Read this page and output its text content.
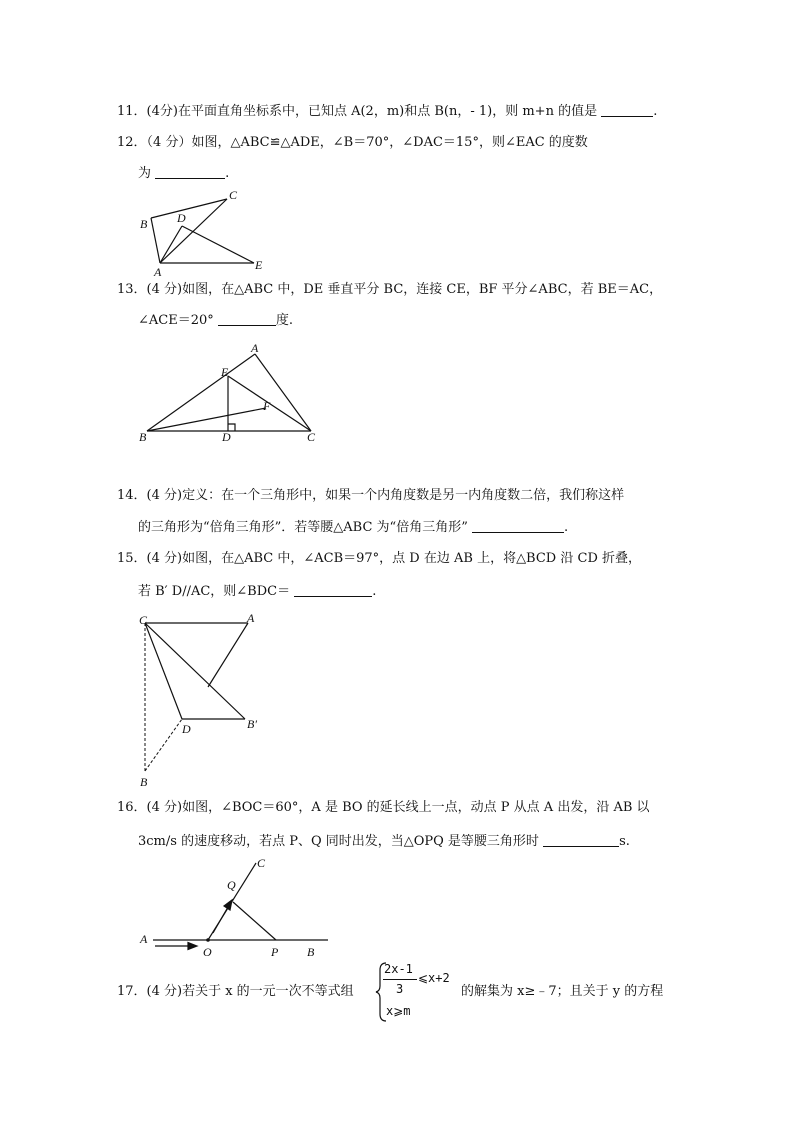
11．(4分)在平面直角坐标系中，已知点 A(2，m)和点 B(n，- 1)，则 m+n 的值是	.
12．（4 分）如图，△ABC≌△ADE，∠B＝70°，∠DAC＝15°，则∠EAC 的度数
为	.
B
A
C
D
E
13．(4 分)如图，在△ABC 中，DE 垂直平分 BC，连接 CE，BF 平分∠ABC，若 BE＝AC，
∠ACE＝20°	度.
A
E
F
B	D	C
14．(4 分)定义：在一个三角形中，如果一个内角度数是另一内角度数二倍，我们称这样
的三角形为“倍角三角形”．若等腰△ABC 为“倍角三角形”	.
15．(4 分)如图，在△ABC 中，∠ACB＝97°，点 D 在边 AB 上，将△BCD 沿 CD 折叠，
若 B′ D//AC，则∠BDC＝	.
C	A
D	B′
B
16．(4 分)如图，∠BOC＝60°，A 是 BO 的延长线上一点，动点 P 从点 A 出发，沿 AB 以
3cm/s 的速度移动，若点 P、Q 同时出发，当△OPQ 是等腰三角形时	s.
A
O	P B
Q
C
17．(4 分)若关于 x 的一元一次不等式组
2x-1
3
⩽x+2
x⩾m
的解集为 x≥﹣7；且关于 y 的方程
